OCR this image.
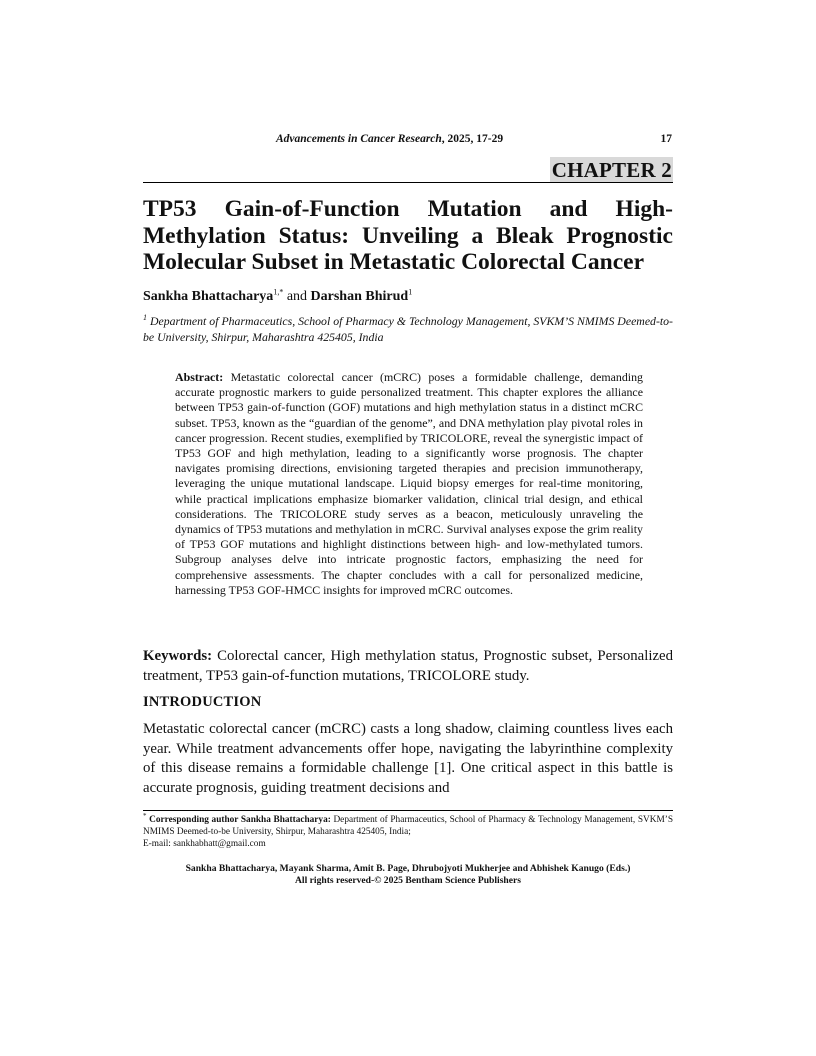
Advancements in Cancer Research, 2025, 17-29	17
CHAPTER 2
TP53 Gain-of-Function Mutation and High-Methylation Status: Unveiling a Bleak Prognostic Molecular Subset in Metastatic Colorectal Cancer
Sankha Bhattacharya$^{1,*}$ and Darshan Bhirud$^1$
$^1$ Department of Pharmaceutics, School of Pharmacy & Technology Management, SVKM’S NMIMS Deemed-to-be University, Shirpur, Maharashtra 425405, India

Abstract: Metastatic colorectal cancer (mCRC) poses a formidable challenge, demanding accurate prognostic markers to guide personalized treatment. This chapter explores the alliance between TP53 gain-of-function (GOF) mutations and high methylation status in a distinct mCRC subset. TP53, known as the “guardian of the genome”, and DNA methylation play pivotal roles in cancer progression. Recent studies, exemplified by TRICOLORE, reveal the synergistic impact of TP53 GOF and high methylation, leading to a significantly worse prognosis. The chapter navigates promising directions, envisioning targeted therapies and precision immunotherapy, leveraging the unique mutational landscape. Liquid biopsy emerges for real-time monitoring, while practical implications emphasize biomarker validation, clinical trial design, and ethical considerations. The TRICOLORE study serves as a beacon, meticulously unraveling the dynamics of TP53 mutations and methylation in mCRC. Survival analyses expose the grim reality of TP53 GOF mutations and highlight distinctions between high- and low-methylated tumors. Subgroup analyses delve into intricate prognostic factors, emphasizing the need for comprehensive assessments. The chapter concludes with a call for personalized medicine, harnessing TP53 GOF-HMCC insights for improved mCRC outcomes.

Keywords: Colorectal cancer, High methylation status, Prognostic subset, Personalized treatment, TP53 gain-of-function mutations, TRICOLORE study.

INTRODUCTION

Metastatic colorectal cancer (mCRC) casts a long shadow, claiming countless lives each year. While treatment advancements offer hope, navigating the labyrinthine complexity of this disease remains a formidable challenge [1]. One critical aspect in this battle is accurate prognosis, guiding treatment decisions and

* Corresponding author Sankha Bhattacharya: Department of Pharmaceutics, School of Pharmacy & Technology Management, SVKM’S NMIMS Deemed-to-be University, Shirpur, Maharashtra 425405, India;
E-mail: sankhabhatt@gmail.com

Sankha Bhattacharya, Mayank Sharma, Amit B. Page, Dhrubojyoti Mukherjee and Abhishek Kanugo (Eds.)
All rights reserved-© 2025 Bentham Science Publishers
